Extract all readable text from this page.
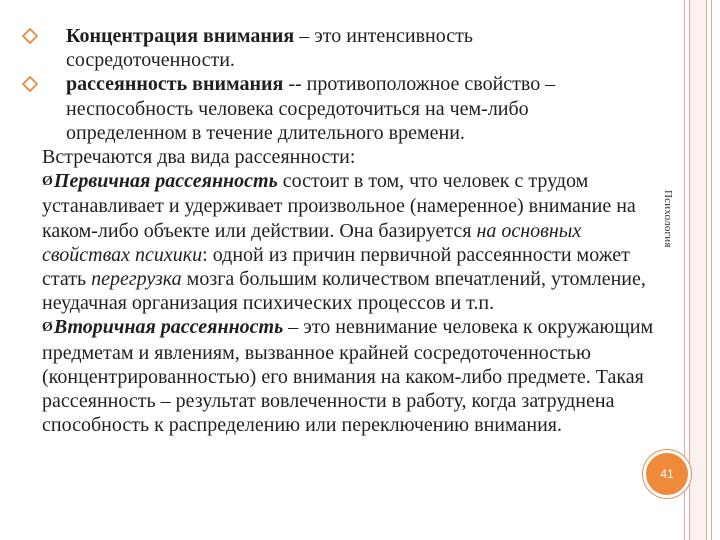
Психология
41
Концентрация внимания – это интенсивность
сосредоточенности.
рассеянность внимания -- противоположное свойство –
неспособность человека сосредоточиться на чем-либо
определенном в течение длительного времени.

Встречаются два вида рассеянности:

ØПервичная рассеянность состоит в том, что человек с трудом устанавливает и удерживает произвольное (намеренное) внимание на каком-либо объекте или действии. Она базируется на основных свойствах психики: одной из причин первичной рассеянности может стать перегрузка мозга большим количеством впечатлений, утомление, неудачная организация психических процессов и т.п.

ØВторичная рассеянность – это невнимание человека к окружающим предметам и явлениям, вызванное крайней сосредоточенностью (концентрированностью) его внимания на каком-либо предмете. Такая рассеянность – результат вовлеченности в работу, когда затруднена способность к распределению или переключению внимания.
